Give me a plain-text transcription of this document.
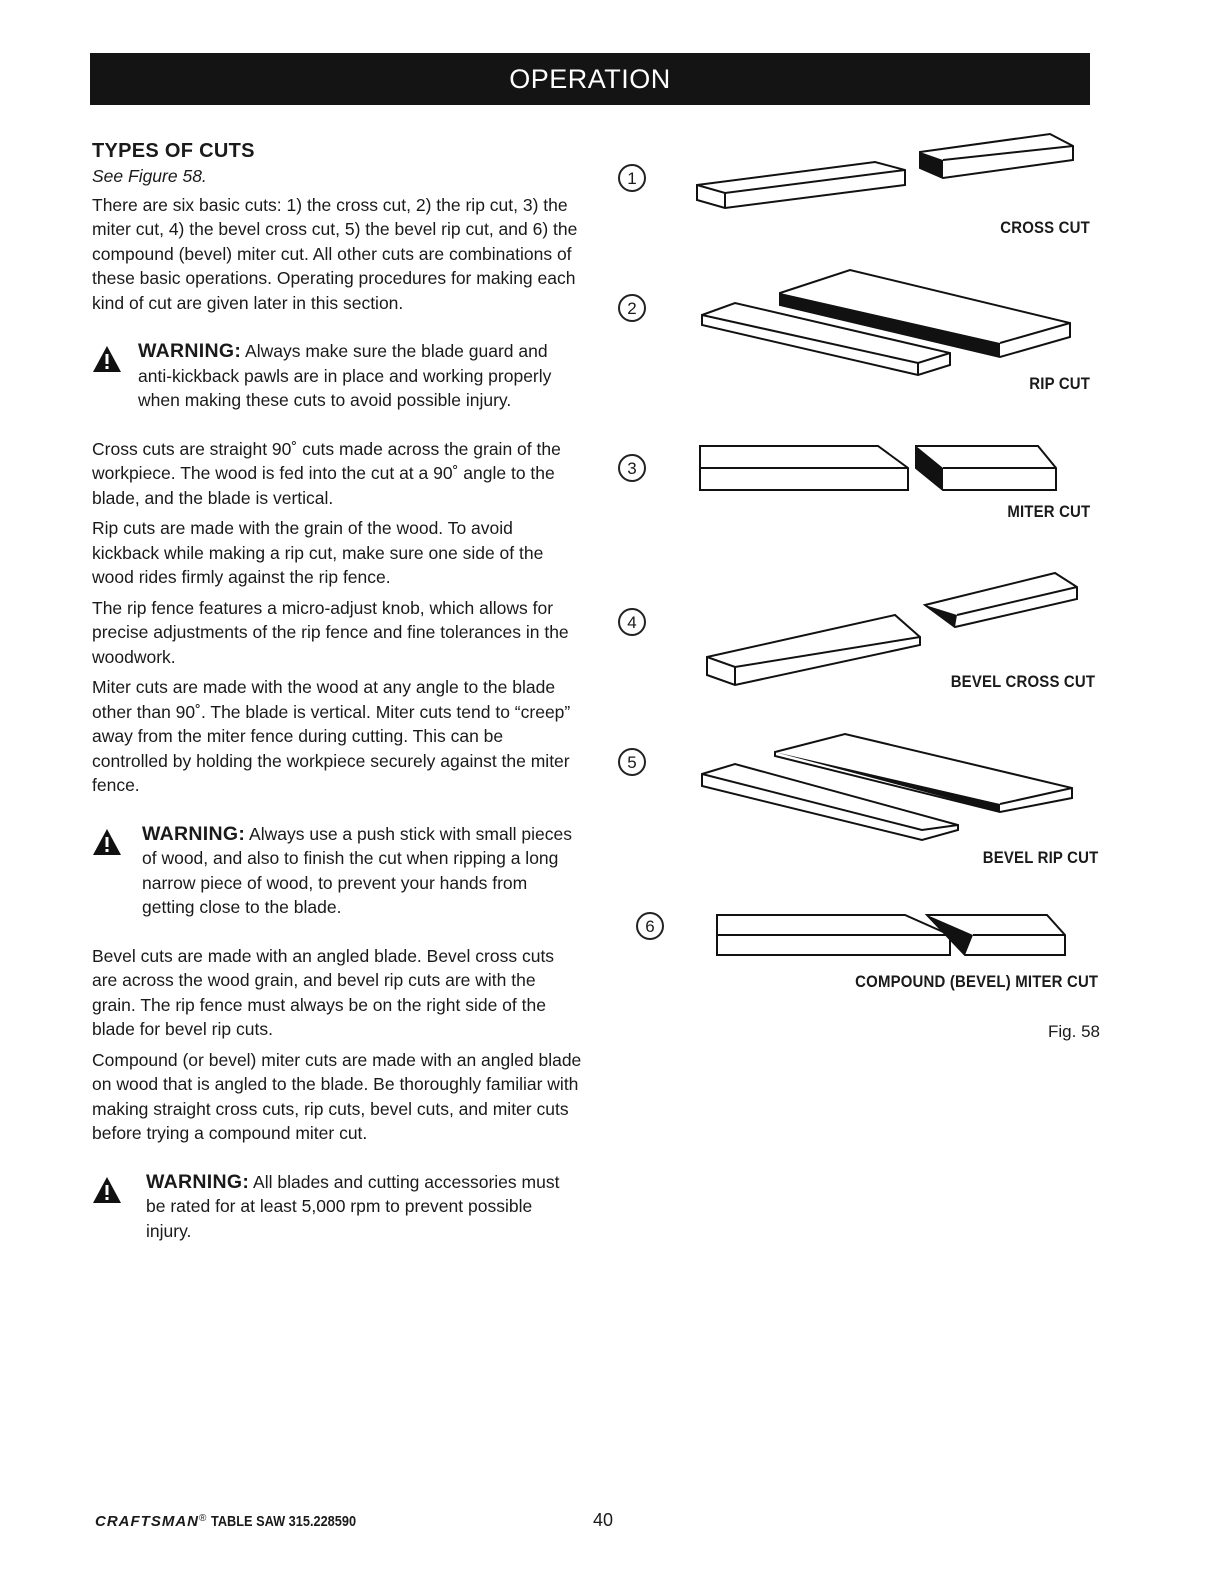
OPERATION
TYPES OF CUTS

See Figure 58.

There are six basic cuts: 1) the cross cut, 2) the rip cut, 3) the miter cut, 4) the bevel cross cut, 5) the bevel rip cut, and 6) the compound (bevel) miter cut. All other cuts are combinations of these basic operations. Operating procedures for making each kind of cut are given later in this section.

WARNING: Always make sure the blade guard and anti-kickback pawls are in place and working properly when making these cuts to avoid possible injury.

Cross cuts are straight 90˚ cuts made across the grain of the workpiece. The wood is fed into the cut at a 90˚ angle to the blade, and the blade is vertical.

Rip cuts are made with the grain of the wood. To avoid kickback while making a rip cut, make sure one side of the wood rides firmly against the rip fence.

The rip fence features a micro-adjust knob, which allows for precise adjustments of the rip fence and fine tolerances in the woodwork.

Miter cuts are made with the wood at any angle to the blade other than 90˚. The blade is vertical. Miter cuts tend to “creep” away from the miter fence during cutting. This can be controlled by holding the workpiece securely against the miter fence.

WARNING: Always use a push stick with small pieces of wood, and also to finish the cut when ripping a long narrow piece of wood, to prevent your hands from getting close to the blade.

Bevel cuts are made with an angled blade. Bevel cross cuts are across the wood grain, and bevel rip cuts are with the grain. The rip fence must always be on the right side of the blade for bevel rip cuts.

Compound (or bevel) miter cuts are made with an angled blade on wood that is angled to the blade. Be thoroughly familiar with making straight cross cuts, rip cuts, bevel cuts, and miter cuts before trying a compound miter cut.

WARNING: All blades and cutting accessories must be rated for at least 5,000 rpm to prevent possible injury.
1
CROSS CUT
2
RIP CUT
3
MITER CUT
4
BEVEL CROSS CUT
5
BEVEL RIP CUT
6
COMPOUND (BEVEL) MITER CUT
Fig. 58
CRAFTSMAN® TABLE SAW 315.228590	40
